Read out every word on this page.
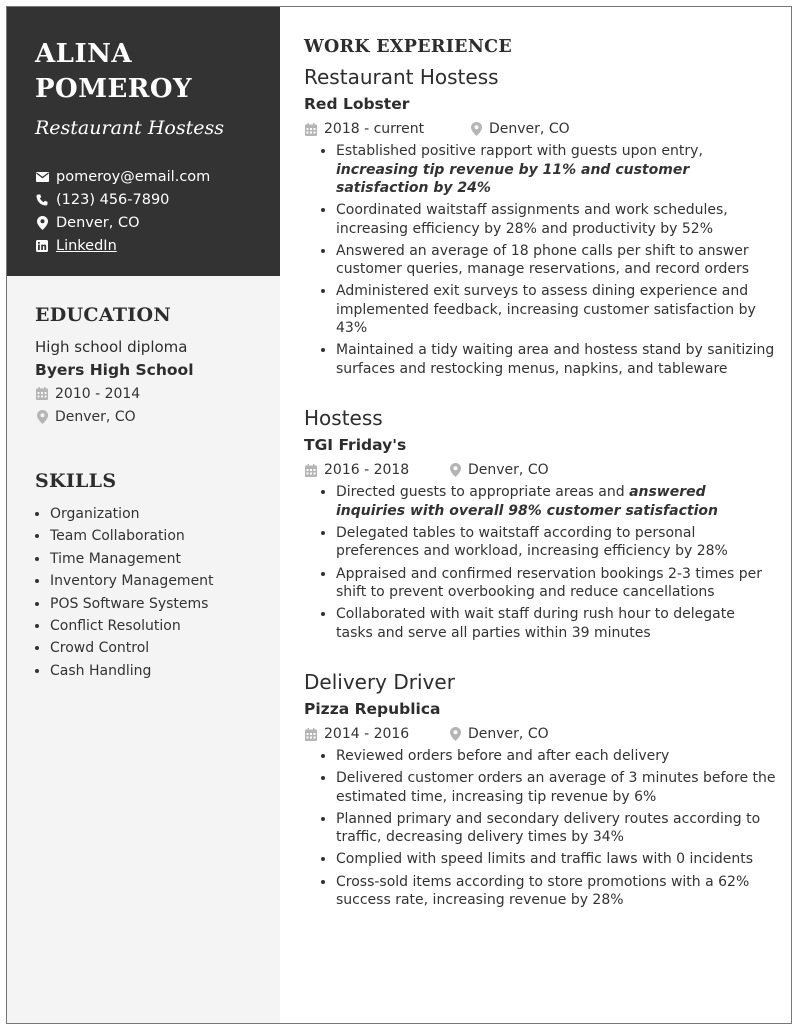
ALINA
POMEROY
Restaurant Hostess
pomeroy@email.com
(123) 456-7890
Denver, CO
LinkedIn
EDUCATION
High school diploma
Byers High School
2010 - 2014
Denver, CO
SKILLS
• Organization
• Team Collaboration
• Time Management
• Inventory Management
• POS Software Systems
• Conflict Resolution
• Crowd Control
• Cash Handling
WORK EXPERIENCE
Restaurant Hostess
Red Lobster
2018 - current	Denver, CO
• Established positive rapport with guests upon entry, increasing tip revenue by 11% and customer satisfaction by 24%
• Coordinated waitstaff assignments and work schedules, increasing efficiency by 28% and productivity by 52%
• Answered an average of 18 phone calls per shift to answer customer queries, manage reservations, and record orders
• Administered exit surveys to assess dining experience and implemented feedback, increasing customer satisfaction by 43%
• Maintained a tidy waiting area and hostess stand by sanitizing surfaces and restocking menus, napkins, and tableware
Hostess
TGI Friday's
2016 - 2018	Denver, CO
• Directed guests to appropriate areas and answered inquiries with overall 98% customer satisfaction
• Delegated tables to waitstaff according to personal preferences and workload, increasing efficiency by 28%
• Appraised and confirmed reservation bookings 2-3 times per shift to prevent overbooking and reduce cancellations
• Collaborated with wait staff during rush hour to delegate tasks and serve all parties within 39 minutes
Delivery Driver
Pizza Republica
2014 - 2016	Denver, CO
• Reviewed orders before and after each delivery
• Delivered customer orders an average of 3 minutes before the estimated time, increasing tip revenue by 6%
• Planned primary and secondary delivery routes according to traffic, decreasing delivery times by 34%
• Complied with speed limits and traffic laws with 0 incidents
• Cross-sold items according to store promotions with a 62% success rate, increasing revenue by 28%
